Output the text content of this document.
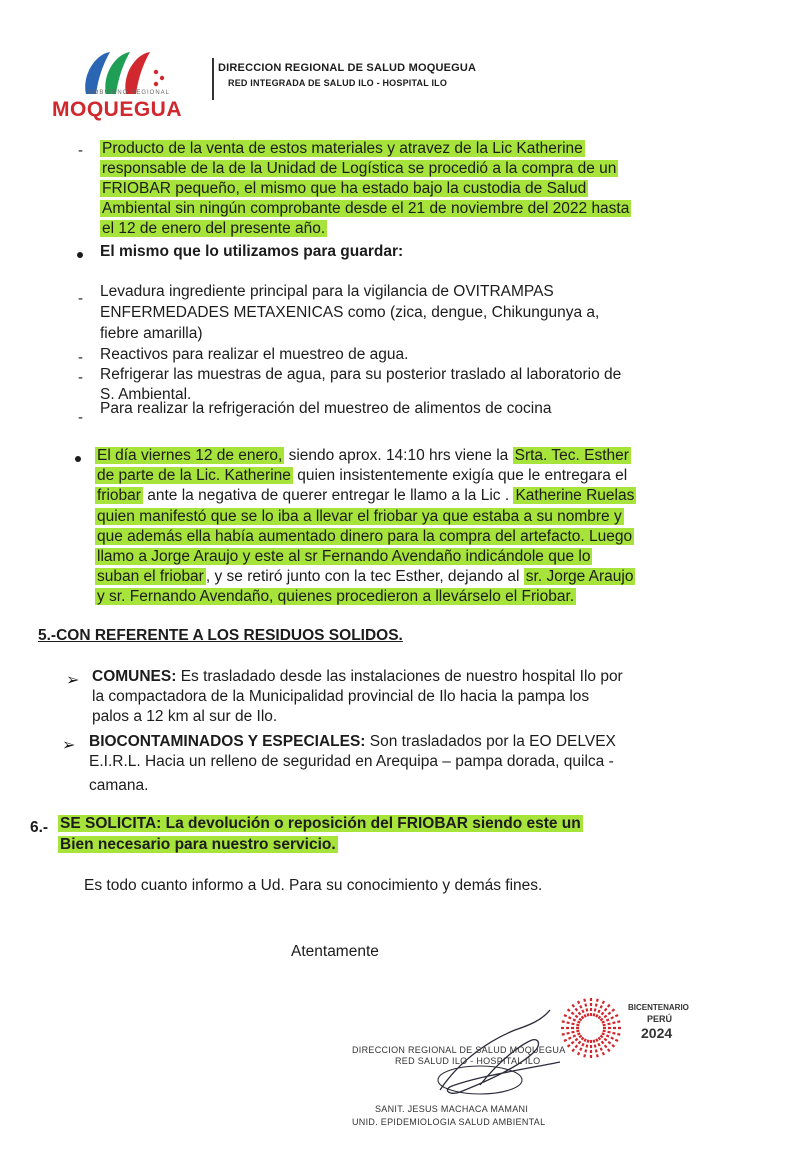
GOBIERNO REGIONAL
MOQUEGUA
DIRECCION REGIONAL DE SALUD MOQUEGUA
RED INTEGRADA DE SALUD ILO - HOSPITAL ILO
- Producto de la venta de estos materiales y atravez de la Lic Katherine
responsable de la de la Unidad de Logística se procedió a la compra de un
FRIOBAR pequeño, el mismo que ha estado bajo la custodia de Salud
Ambiental sin ningún comprobante desde el 21 de noviembre del 2022 hasta
el 12 de enero del presente año.
El mismo que lo utilizamos para guardar:
- Levadura ingrediente principal para la vigilancia de OVITRAMPAS
ENFERMEDADES METAXENICAS como (zica, dengue, Chikungunya a,
fiebre amarilla)
- Reactivos para realizar el muestreo de agua.
- Refrigerar las muestras de agua, para su posterior traslado al laboratorio de
S. Ambiental.
-
Para realizar la refrigeración del muestreo de alimentos de cocina
El día viernes 12 de enero, siendo aprox. 14:10 hrs viene la Srta. Tec. Esther
de parte de la Lic. Katherine quien insistentemente exigía que le entregara el
friobar ante la negativa de querer entregar le llamo a la Lic . Katherine Ruelas
quien manifestó que se lo iba a llevar el friobar ya que estaba a su nombre y
que además ella había aumentado dinero para la compra del artefacto. Luego
llamo a Jorge Araujo y este al sr Fernando Avendaño indicándole que lo
suban el friobar , y se retiró junto con la tec Esther, dejando al sr. Jorge Araujo
y sr. Fernando Avendaño, quienes procedieron a llevárselo el Friobar.
5.-CON REFERENTE A LOS RESIDUOS SOLIDOS.
➢ COMUNES: Es trasladado desde las instalaciones de nuestro hospital Ilo por
la compactadora de la Municipalidad provincial de Ilo hacia la pampa los
palos a 12 km al sur de Ilo.
➢ BIOCONTAMINADOS Y ESPECIALES: Son trasladados por la EO DELVEX
E.I.R.L. Hacia un relleno de seguridad en Arequipa – pampa dorada, quilca -
camana.
6.- SE SOLICITA: La devolución o reposición del FRIOBAR siendo este un
Bien necesario para nuestro servicio.
Es todo cuanto informo a Ud. Para su conocimiento y demás fines.
Atentamente
DIRECCION REGIONAL DE SALUD MOQUEGUA
RED SALUD ILO - HOSPITAL ILO
SANIT. JESUS MACHACA MAMANI
UNID. EPIDEMIOLOGIA SALUD AMBIENTAL
BICENTENARIO
PERÚ
2024
